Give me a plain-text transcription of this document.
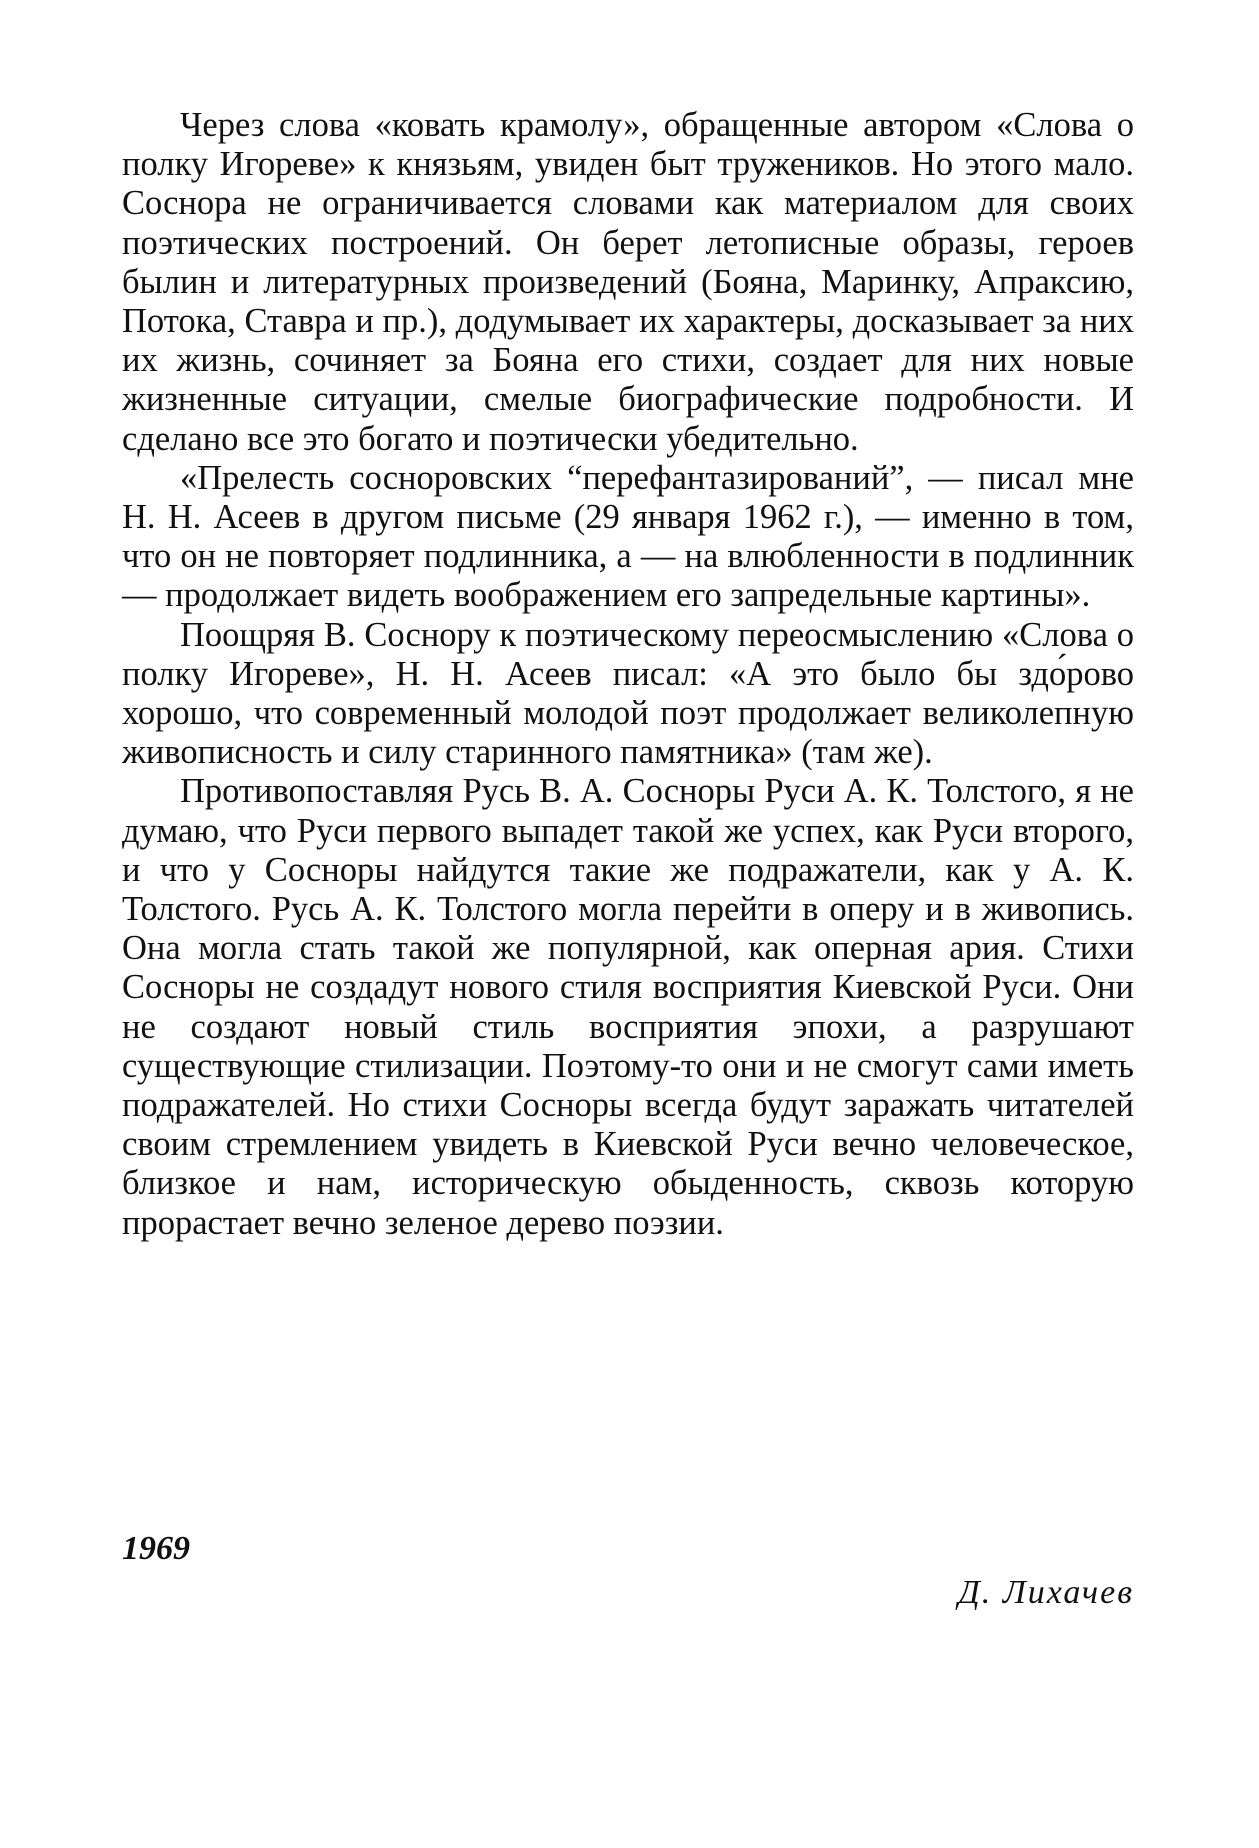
Через слова «ковать крамолу», обращенные автором «Слова о полку Игореве» к князьям, увиден быт тружеников. Но этого мало. Соснора не ограничивается словами как материалом для своих поэтических построений. Он берет летописные образы, героев былин и литературных произведений (Бояна, Маринку, Апраксию, Потока, Ставра и пр.), додумывает их характеры, досказывает за них их жизнь, сочиняет за Бояна его стихи, создает для них новые жизненные ситуации, смелые биографические подробности. И сделано все это богато и поэтически убедительно.

«Прелесть сосноровских “перефантазирований”, — писал мне Н. Н. Асеев в другом письме (29 января 1962 г.), — именно в том, что он не повторяет подлинника, а — на влюбленности в подлинник — продолжает видеть воображением его запредельные картины».

Поощряя В. Соснору к поэтическому переосмыслению «Слова о полку Игореве», Н. Н. Асеев писал: «А это было бы здо́рово хорошо, что современный молодой поэт продолжает великолепную живописность и силу старинного памятника» (там же).

Противопоставляя Русь В. А. Сосноры Руси А. К. Толстого, я не думаю, что Руси первого выпадет такой же успех, как Руси второго, и что у Сосноры найдутся такие же подражатели, как у А. К. Толстого. Русь А. К. Толстого могла перейти в оперу и в живопись. Она могла стать такой же популярной, как оперная ария. Стихи Сосноры не создадут нового стиля восприятия Киевской Руси. Они не создают новый стиль восприятия эпохи, а разрушают существующие стилизации. Поэтому-то они и не смогут сами иметь подражателей. Но стихи Сосноры всегда будут заражать читателей своим стремлением увидеть в Киевской Руси вечно человеческое, близкое и нам, историческую обыденность, сквозь которую прорастает вечно зеленое дерево поэзии.

1969
Д. Лихачев
